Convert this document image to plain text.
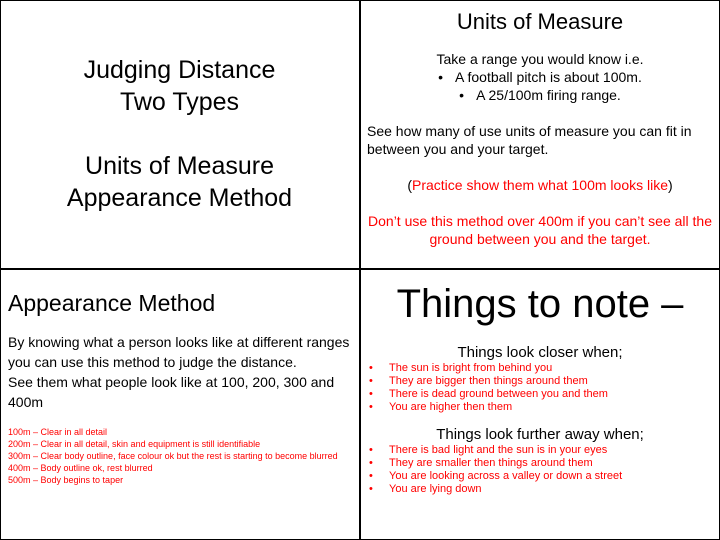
Judging Distance
Two Types
Units of Measure
Appearance Method
Units of Measure
Take a range you would know i.e.
• A football pitch is about 100m.
• A 25/100m firing range.
See how many of use units of measure you can fit in between you and your target.
(Practice show them what 100m looks like)
Don’t use this method over 400m if you can’t see all the ground between you and the target.
Appearance Method
By knowing what a person looks like at different ranges you can use this method to judge the distance.
See them what people look like at 100, 200, 300 and 400m
100m – Clear in all detail
200m – Clear in all detail, skin and equipment is still identifiable
300m – Clear body outline, face colour ok but the rest is starting to become blurred
400m – Body outline ok, rest blurred
500m – Body begins to taper
Things to note –
Things look closer when;
• The sun is bright from behind you
• They are bigger then things around them
• There is dead ground between you and them
• You are higher then them
Things look further away when;
• There is bad light and the sun is in your eyes
• They are smaller then things around them
• You are looking across a valley or down a street
• You are lying down
